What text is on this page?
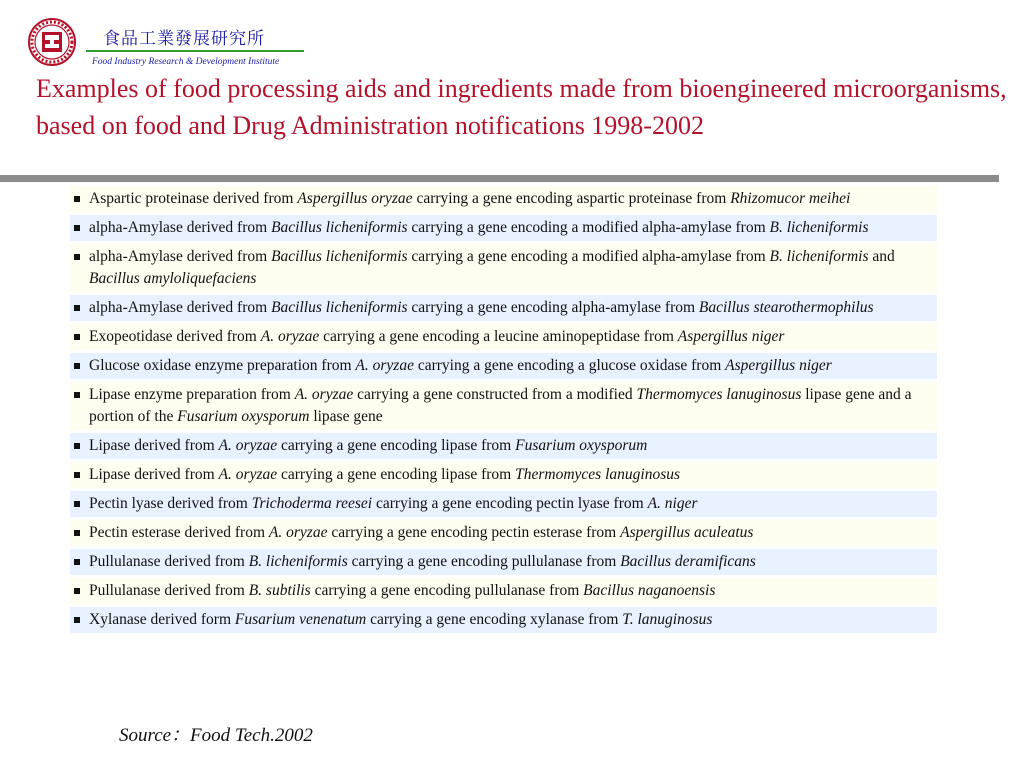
食品工業發展研究所
Food Industry Research & Development Institute
Examples of food processing aids and ingredients made from bioengineered microorganisms, based on food and Drug Administration notifications 1998-2002
Aspartic proteinase derived from Aspergillus oryzae carrying a gene encoding aspartic proteinase from Rhizomucor meihei
alpha-Amylase derived from Bacillus licheniformis carrying a gene encoding a modified alpha-amylase from B. licheniformis
alpha-Amylase derived from Bacillus licheniformis carrying a gene encoding a modified alpha-amylase from B. licheniformis and Bacillus amyloliquefaciens
alpha-Amylase derived from Bacillus licheniformis carrying a gene encoding alpha-amylase from Bacillus stearothermophilus
Exopeotidase derived from A. oryzae carrying a gene encoding a leucine aminopeptidase from Aspergillus niger
Glucose oxidase enzyme preparation from A. oryzae carrying a gene encoding a glucose oxidase from Aspergillus niger
Lipase enzyme preparation from A. oryzae carrying a gene constructed from a modified Thermomyces lanuginosus lipase gene and a portion of the Fusarium oxysporum lipase gene
Lipase derived from A. oryzae carrying a gene encoding lipase from Fusarium oxysporum
Lipase derived from A. oryzae carrying a gene encoding lipase from Thermomyces lanuginosus
Pectin lyase derived from Trichoderma reesei carrying a gene encoding pectin lyase from A. niger
Pectin esterase derived from A. oryzae carrying a gene encoding pectin esterase from Aspergillus aculeatus
Pullulanase derived from B. licheniformis carrying a gene encoding pullulanase from Bacillus deramificans
Pullulanase derived from B. subtilis carrying a gene encoding pullulanase from Bacillus naganoensis
Xylanase derived form Fusarium venenatum carrying a gene encoding xylanase from T. lanuginosus
Source：Food Tech.2002
